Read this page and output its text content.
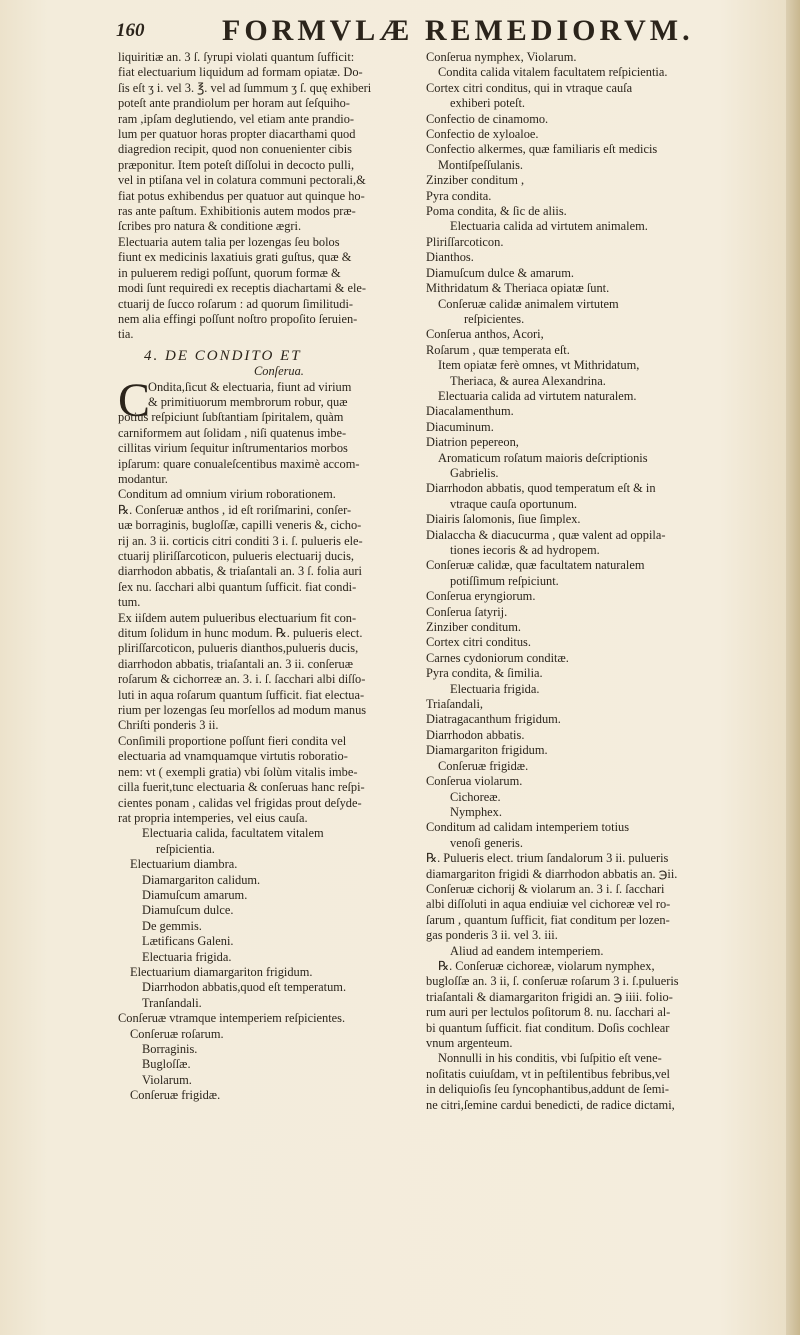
160	FORMVLÆ REMEDIORVM.
liquiritiæ an. 3 ſ. ſyrupi violati quantum ſufficit:
fiat electuarium liquidum ad formam opiatæ. Do-
ſis eſt ʒ i. vel 3. ℥. vel ad ſummum ʒ ſ. quę exhiberi
poteſt ante prandiolum per horam aut ſeſquiho-
ram ,ipſam deglutiendo, vel etiam ante prandio-
lum per quatuor horas propter diacarthami quod
diagredion recipit, quod non conuenienter cibis
præponitur. Item poteſt diſſolui in decocto pulli,
vel in ptiſana vel in colatura communi pectorali,&
fiat potus exhibendus per quatuor aut quinque ho-
ras ante paſtum. Exhibitionis autem modos præ-
ſcribes pro natura & conditione ægri.
Electuaria autem talia per lozengas ſeu bolos
fiunt ex medicinis laxatiuis grati guſtus, quæ &
in puluerem redigi poſſunt, quorum formæ &
modi ſunt requiredi ex receptis diachartami & ele-
ctuarij de ſucco roſarum : ad quorum ſimilitudi-
nem alia effingi poſſunt noſtro propoſito ſeruien-
tia.
4. DE CONDITO ET
Conſerua.
C
Ondita,ſicut & electuaria, fiunt ad virium
& primitiuorum membrorum robur, quæ
potius reſpiciunt ſubſtantiam ſpiritalem, quàm
carniformem aut ſolidam , niſi quatenus imbe-
cillitas virium ſequitur inſtrumentarios morbos
ipſarum: quare conualeſcentibus maximè accom-
modantur.
Conditum ad omnium virium roborationem.
℞. Conſeruæ anthos , id eſt roriſmarini, conſer-
uæ borraginis, bugloſſæ, capilli veneris &, cicho-
rij an. 3 ii. corticis citri conditi 3 i. ſ. pulueris ele-
ctuarij pliriſſarcoticon, pulueris electuarij ducis,
diarrhodon abbatis, & triaſantali an. 3 ſ. folia auri
ſex nu. ſacchari albi quantum ſufficit. fiat condi-
tum.
Ex iiſdem autem pulueribus electuarium fit con-
ditum ſolidum in hunc modum. ℞. pulueris elect.
pliriſſarcoticon, pulueris dianthos,pulueris ducis,
diarrhodon abbatis, triaſantali an. 3 ii. conſeruæ
roſarum & cichorreæ an. 3. i. ſ. ſacchari albi diſſo-
luti in aqua roſarum quantum ſufficit. fiat electua-
rium per lozengas ſeu morſellos ad modum manus
Chriſti ponderis 3 ii.
Conſimili proportione poſſunt fieri condita vel
electuaria ad vnamquamque virtutis roboratio-
nem: vt ( exempli gratia) vbi ſolùm vitalis imbe-
cilla fuerit,tunc electuaria & conſeruas hanc reſpi-
cientes ponam , calidas vel frigidas prout deſyde-
rat propria intemperies, vel eius cauſa.
Electuaria calida, facultatem vitalem
reſpicientia.
Electuarium diambra.
Diamargariton calidum.
Diamuſcum amarum.
Diamuſcum dulce.
De gemmis.
Lætificans Galeni.
Electuaria frigida.
Electuarium diamargariton frigidum.
Diarrhodon abbatis,quod eſt temperatum.
Tranſandali.
Conſeruæ vtramque intemperiem reſpicientes.
Conſeruæ roſarum.
Borraginis.
Bugloſſæ.
Violarum.
Conſeruæ frigidæ.
Conſerua nymphex, Violarum.
Condita calida vitalem facultatem reſpicientia.
Cortex citri conditus, qui in vtraque cauſa
exhiberi poteſt.
Confectio de cinamomo.
Confectio de xyloaloe.
Confectio alkermes, quæ familiaris eſt medicis
Montiſpeſſulanis.
Zinziber conditum ,
Pyra condita.
Poma condita, & ſic de aliis.
Electuaria calida ad virtutem animalem.
Pliriſſarcoticon.
Dianthos.
Diamuſcum dulce & amarum.
Mithridatum & Theriaca opiatæ ſunt.
Conſeruæ calidæ animalem virtutem
reſpicientes.
Conſerua anthos, Acori,
Roſarum , quæ temperata eſt.
Item opiatæ ferè omnes, vt Mithridatum,
Theriaca, & aurea Alexandrina.
Electuaria calida ad virtutem naturalem.
Diacalamenthum.
Diacuminum.
Diatrion pepereon,
Aromaticum roſatum maioris deſcriptionis
Gabrielis.
Diarrhodon abbatis, quod temperatum eſt & in
vtraque cauſa oportunum.
Diairis ſalomonis, ſiue ſimplex.
Dialaccha & diacucurma , quæ valent ad oppila-
tiones iecoris & ad hydropem.
Conſeruæ calidæ, quæ facultatem naturalem
potiſſimum reſpiciunt.
Conſerua eryngiorum.
Conſerua ſatyrij.
Zinziber conditum.
Cortex citri conditus.
Carnes cydoniorum conditæ.
Pyra condita, & ſimilia.
Electuaria frigida.
Triaſandali,
Diatragacanthum frigidum.
Diarrhodon abbatis.
Diamargariton frigidum.
Conſeruæ frigidæ.
Conſerua violarum.
Cichoreæ.
Nymphex.
Conditum ad calidam intemperiem totius
venoſi generis.
℞. Pulueris elect. trium ſandalorum 3 ii. pulueris
diamargariton frigidi & diarrhodon abbatis an. ℈ii.
Conſeruæ cichorij & violarum an. 3 i. ſ. ſacchari
albi diſſoluti in aqua endiuiæ vel cichoreæ vel ro-
ſarum , quantum ſufficit, fiat conditum per lozen-
gas ponderis 3 ii. vel 3. iii.
Aliud ad eandem intemperiem.
℞. Conſeruæ cichoreæ, violarum nymphex,
bugloſſæ an. 3 ii, ſ. conſeruæ roſarum 3 i. ſ.pulueris
triaſantali & diamargariton frigidi an. ℈ iiii. folio-
rum auri per lectulos poſitorum 8. nu. ſacchari al-
bi quantum ſufficit. fiat conditum. Doſis cochlear
vnum argenteum.
Nonnulli in his conditis, vbi ſuſpitio eſt vene-
noſitatis cuiuſdam, vt in peſtilentibus febribus,vel
in deliquioſis ſeu ſyncophantibus,addunt de ſemi-
ne citri,ſemine cardui benedicti, de radice dictami,
